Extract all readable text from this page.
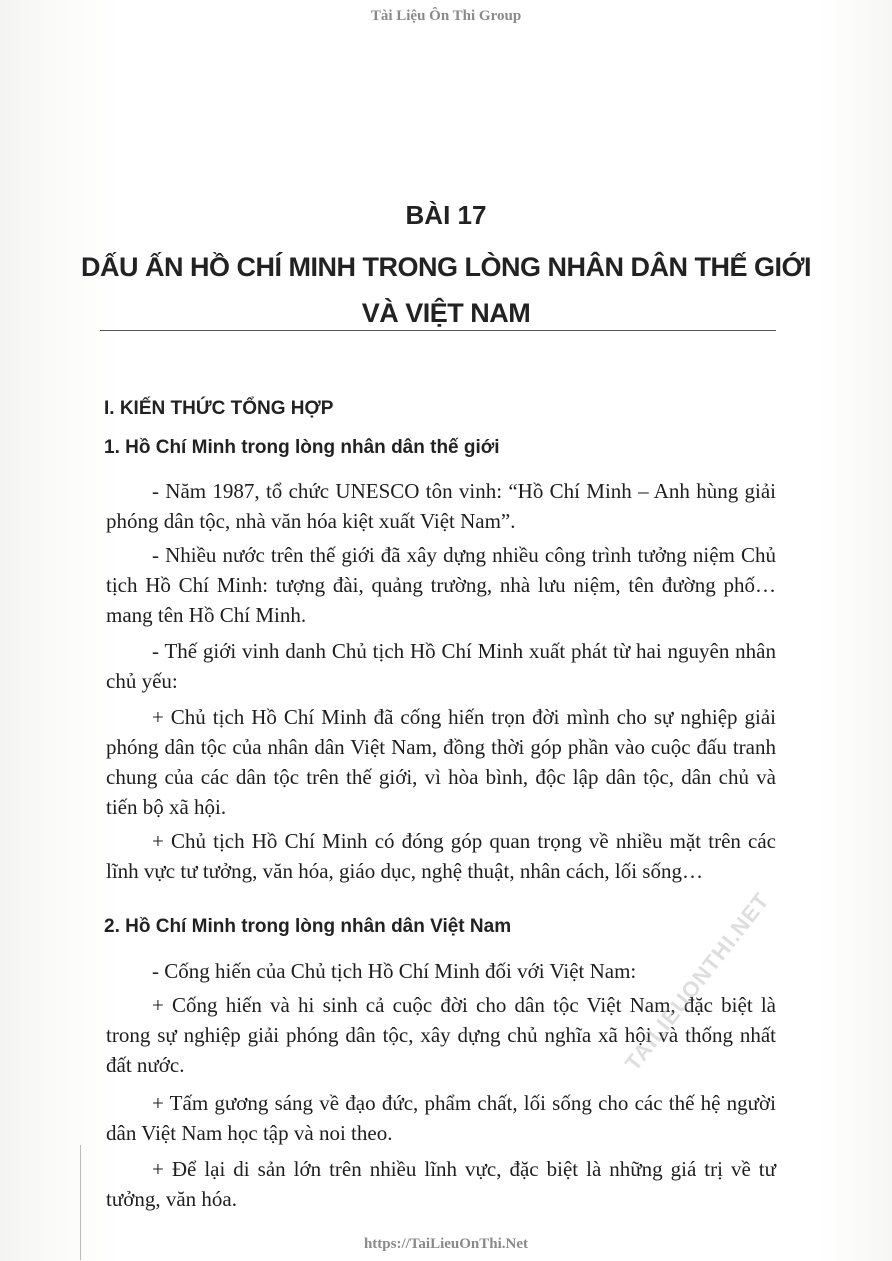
Tài Liệu Ôn Thi Group
BÀI 17
DẤU ẤN HỒ CHÍ MINH TRONG LÒNG NHÂN DÂN THẾ GIỚI
VÀ VIỆT NAM
I. KIẾN THỨC TỔNG HỢP
1. Hồ Chí Minh trong lòng nhân dân thế giới
- Năm 1987, tổ chức UNESCO tôn vinh: “Hồ Chí Minh – Anh hùng giải phóng dân tộc, nhà văn hóa kiệt xuất Việt Nam”.
- Nhiều nước trên thế giới đã xây dựng nhiều công trình tưởng niệm Chủ tịch Hồ Chí Minh: tượng đài, quảng trường, nhà lưu niệm, tên đường phố… mang tên Hồ Chí Minh.
- Thế giới vinh danh Chủ tịch Hồ Chí Minh xuất phát từ hai nguyên nhân chủ yếu:
+ Chủ tịch Hồ Chí Minh đã cống hiến trọn đời mình cho sự nghiệp giải phóng dân tộc của nhân dân Việt Nam, đồng thời góp phần vào cuộc đấu tranh chung của các dân tộc trên thế giới, vì hòa bình, độc lập dân tộc, dân chủ và tiến bộ xã hội.
+ Chủ tịch Hồ Chí Minh có đóng góp quan trọng về nhiều mặt trên các lĩnh vực tư tưởng, văn hóa, giáo dục, nghệ thuật, nhân cách, lối sống…
2. Hồ Chí Minh trong lòng nhân dân Việt Nam
- Cống hiến của Chủ tịch Hồ Chí Minh đối với Việt Nam:
+ Cống hiến và hi sinh cả cuộc đời cho dân tộc Việt Nam, đặc biệt là trong sự nghiệp giải phóng dân tộc, xây dựng chủ nghĩa xã hội và thống nhất đất nước.
+ Tấm gương sáng về đạo đức, phẩm chất, lối sống cho các thế hệ người dân Việt Nam học tập và noi theo.
+ Để lại di sản lớn trên nhiều lĩnh vực, đặc biệt là những giá trị về tư tưởng, văn hóa.
TAILIEUONTHI.NET
https://TaiLieuOnThi.Net
